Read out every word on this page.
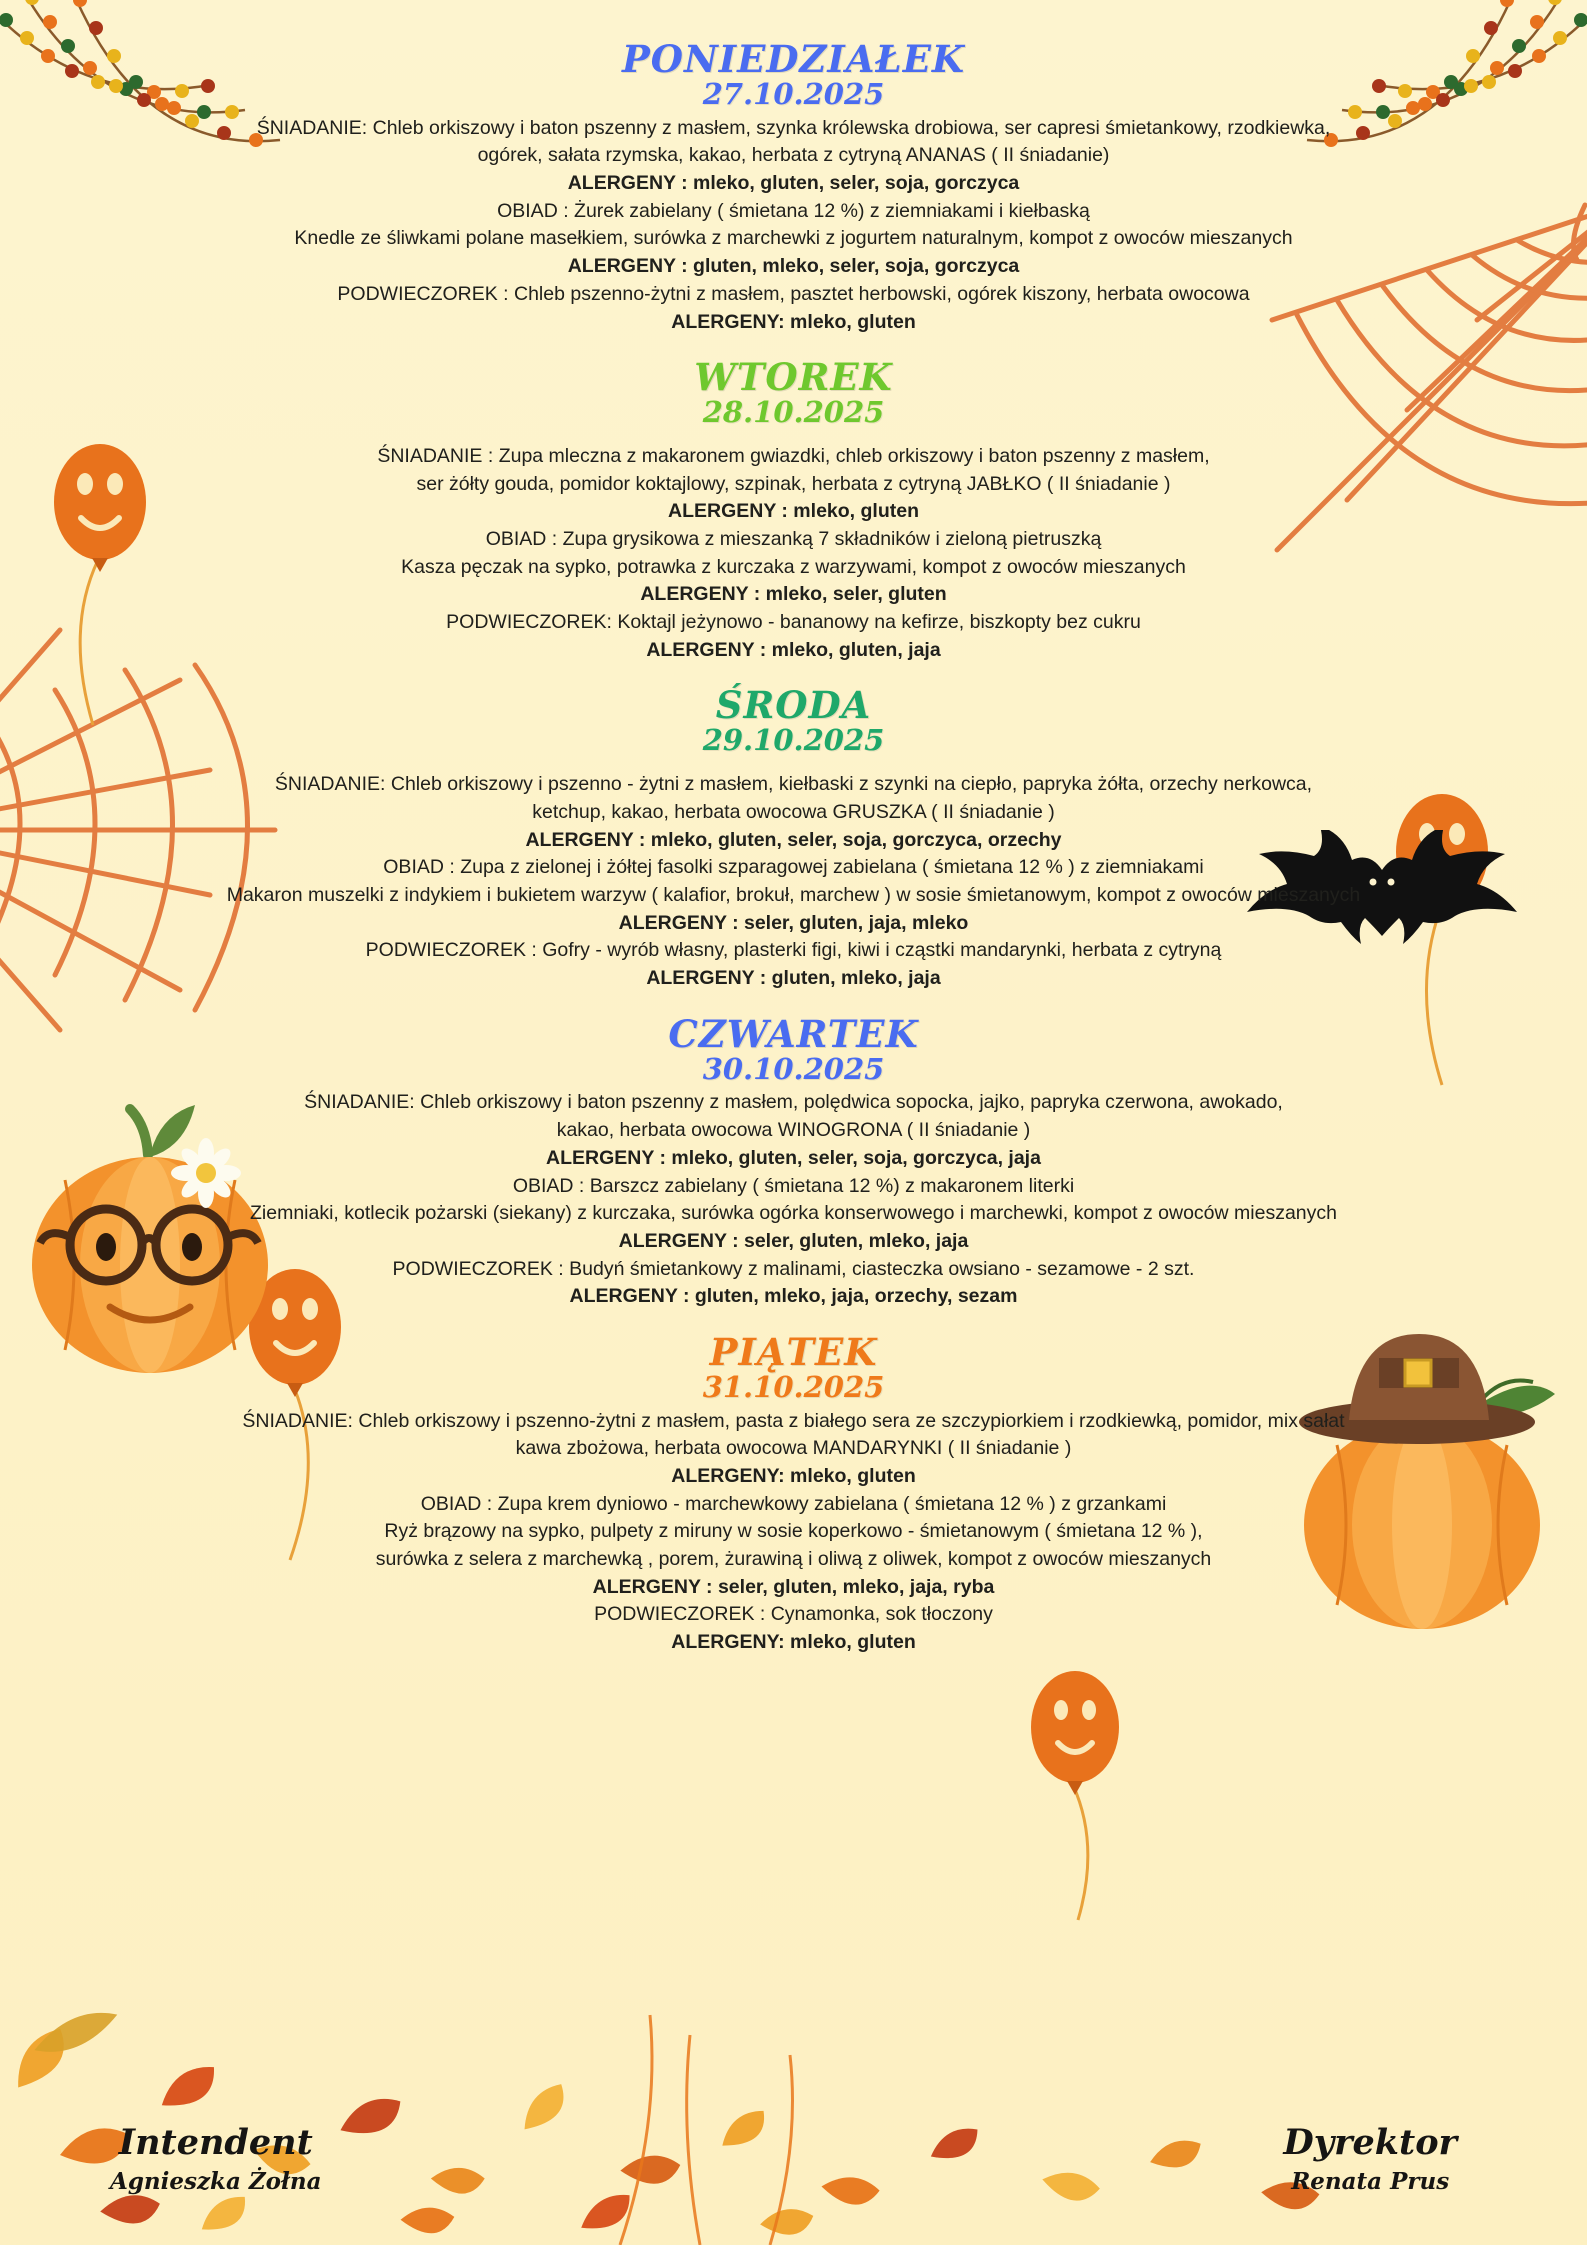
PONIEDZIAŁEK
27.10.2025

ŚNIADANIE: Chleb orkiszowy i baton pszenny z masłem, szynka królewska drobiowa, ser capresi śmietankowy, rzodkiewka,

ogórek, sałata rzymska, kakao, herbata z cytryną ANANAS ( II śniadanie)

ALERGENY : mleko, gluten, seler, soja, gorczyca

OBIAD : Żurek zabielany ( śmietana 12 %) z ziemniakami i kiełbaską

Knedle ze śliwkami polane masełkiem, surówka z marchewki z jogurtem naturalnym, kompot z owoców mieszanych

ALERGENY : gluten, mleko, seler, soja, gorczyca

PODWIECZOREK : Chleb pszenno-żytni z masłem, pasztet herbowski, ogórek kiszony, herbata owocowa

ALERGENY: mleko, gluten

WTOREK
28.10.2025

ŚNIADANIE : Zupa mleczna z makaronem gwiazdki, chleb orkiszowy i baton pszenny z masłem,

ser żółty gouda, pomidor koktajlowy, szpinak, herbata z cytryną JABŁKO ( II śniadanie )

ALERGENY : mleko, gluten

OBIAD : Zupa grysikowa z mieszanką 7 składników i zieloną pietruszką

Kasza pęczak na sypko, potrawka z kurczaka z warzywami, kompot z owoców mieszanych

ALERGENY : mleko, seler, gluten

PODWIECZOREK: Koktajl jeżynowo - bananowy na kefirze, biszkopty bez cukru

ALERGENY : mleko, gluten, jaja

ŚRODA
29.10.2025

ŚNIADANIE: Chleb orkiszowy i pszenno - żytni z masłem, kiełbaski z szynki na ciepło, papryka żółta, orzechy nerkowca,

ketchup, kakao, herbata owocowa GRUSZKA ( II śniadanie )

ALERGENY : mleko, gluten, seler, soja, gorczyca, orzechy

OBIAD : Zupa z zielonej i żółtej fasolki szparagowej zabielana ( śmietana 12 % ) z ziemniakami

Makaron muszelki z indykiem i bukietem warzyw ( kalafior, brokuł, marchew ) w sosie śmietanowym, kompot z owoców mieszanych

ALERGENY : seler, gluten, jaja, mleko

PODWIECZOREK : Gofry - wyrób własny, plasterki figi, kiwi i cząstki mandarynki, herbata z cytryną

ALERGENY : gluten, mleko, jaja

CZWARTEK
30.10.2025

ŚNIADANIE: Chleb orkiszowy i baton pszenny z masłem, polędwica sopocka, jajko, papryka czerwona, awokado,

kakao, herbata owocowa WINOGRONA ( II śniadanie )

ALERGENY : mleko, gluten, seler, soja, gorczyca, jaja

OBIAD : Barszcz zabielany ( śmietana 12 %) z makaronem literki

Ziemniaki, kotlecik pożarski (siekany) z kurczaka, surówka ogórka konserwowego i marchewki, kompot z owoców mieszanych

ALERGENY : seler, gluten, mleko, jaja

PODWIECZOREK : Budyń śmietankowy z malinami, ciasteczka owsiano - sezamowe - 2 szt.

ALERGENY : gluten, mleko, jaja, orzechy, sezam

PIĄTEK
31.10.2025

ŚNIADANIE: Chleb orkiszowy i pszenno-żytni z masłem, pasta z białego sera ze szczypiorkiem i rzodkiewką, pomidor, mix sałat

kawa zbożowa, herbata owocowa MANDARYNKI ( II śniadanie )

ALERGENY: mleko, gluten

OBIAD : Zupa krem dyniowo - marchewkowy zabielana ( śmietana 12 % ) z grzankami

Ryż brązowy na sypko, pulpety z miruny w sosie koperkowo - śmietanowym ( śmietana 12 % ),

surówka z selera z marchewką , porem, żurawiną i oliwą z oliwek, kompot z owoców mieszanych

ALERGENY : seler, gluten, mleko, jaja, ryba

PODWIECZOREK : Cynamonka, sok tłoczony

ALERGENY: mleko, gluten

Intendent

Agnieszka Żołna

Dyrektor

Renata Prus
